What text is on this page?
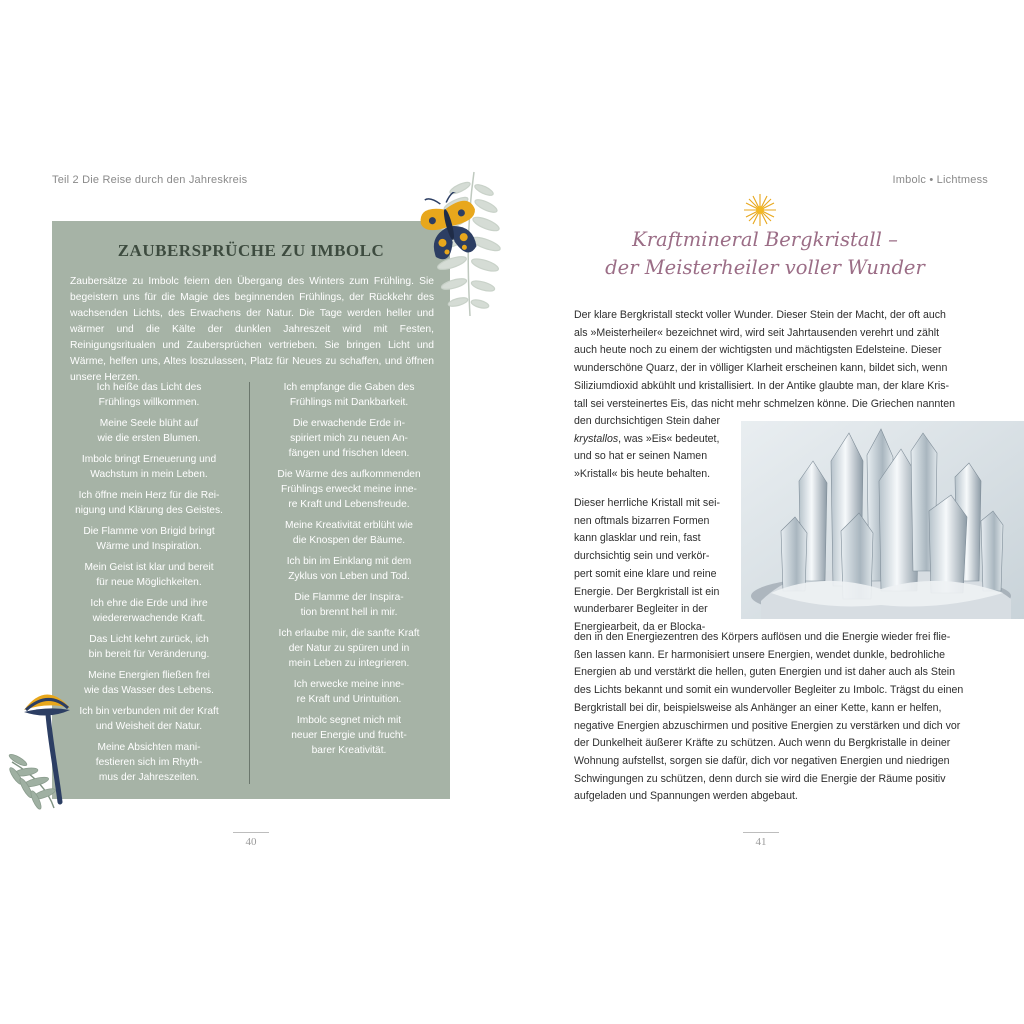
Teil 2 Die Reise durch den Jahreskreis
ZAUBERSPRÜCHE ZU IMBOLC
Zaubersätze zu Imbolc feiern den Übergang des Winters zum Frühling. Sie begeistern uns für die Magie des beginnenden Frühlings, der Rückkehr des wachsenden Lichts, des Erwachens der Natur. Die Tage werden heller und wärmer und die Kälte der dunklen Jahreszeit wird mit Festen, Reinigungsritualen und Zaubersprüchen vertrieben. Sie bringen Licht und Wärme, helfen uns, Altes loszulassen, Platz für Neues zu schaffen, und öffnen unsere Herzen.

Ich heiße das Licht des
Frühlings willkommen.

Meine Seele blüht auf
wie die ersten Blumen.

Imbolc bringt Erneuerung und
Wachstum in mein Leben.

Ich öffne mein Herz für die Rei-
nigung und Klärung des Geistes.

Die Flamme von Brigid bringt
Wärme und Inspiration.

Mein Geist ist klar und bereit
für neue Möglichkeiten.

Ich ehre die Erde und ihre
wiedererwachende Kraft.

Das Licht kehrt zurück, ich
bin bereit für Veränderung.

Meine Energien fließen frei
wie das Wasser des Lebens.

Ich bin verbunden mit der Kraft
und Weisheit der Natur.

Meine Absichten mani-
festieren sich im Rhyth-
mus der Jahreszeiten.

Ich empfange die Gaben des
Frühlings mit Dankbarkeit.

Die erwachende Erde in-
spiriert mich zu neuen An-
fängen und frischen Ideen.

Die Wärme des aufkommenden
Frühlings erweckt meine inne-
re Kraft und Lebensfreude.

Meine Kreativität erblüht wie
die Knospen der Bäume.

Ich bin im Einklang mit dem
Zyklus von Leben und Tod.

Die Flamme der Inspira-
tion brennt hell in mir.

Ich erlaube mir, die sanfte Kraft
der Natur zu spüren und in
mein Leben zu integrieren.

Ich erwecke meine inne-
re Kraft und Urintuition.

Imbolc segnet mich mit
neuer Energie und frucht-
barer Kreativität.

40
Imbolc • Lichtmess
Kraftmineral Bergkristall –
der Meisterheiler voller Wunder
Der klare Bergkristall steckt voller Wunder. Dieser Stein der Macht, der oft auch
als »Meisterheiler« bezeichnet wird, wird seit Jahrtausenden verehrt und zählt
auch heute noch zu einem der wichtigsten und mächtigsten Edelsteine. Dieser
wunderschöne Quarz, der in völliger Klarheit erscheinen kann, bildet sich, wenn
Siliziumdioxid abkühlt und kristallisiert. In der Antike glaubte man, der klare Kris-
tall sei versteinertes Eis, das nicht mehr schmelzen könne. Die Griechen nannten
den durchsichtigen Stein daher
krystallos, was »Eis« bedeutet,
und so hat er seinen Namen
»Kristall« bis heute behalten.
Dieser herrliche Kristall mit sei-
nen oftmals bizarren Formen
kann glasklar und rein, fast
durchsichtig sein und verkör-
pert somit eine klare und reine
Energie. Der Bergkristall ist ein
wunderbarer Begleiter in der
Energiearbeit, da er Blocka-
den in den Energiezentren des Körpers auflösen und die Energie wieder frei flie-
ßen lassen kann. Er harmonisiert unsere Energien, wendet dunkle, bedrohliche
Energien ab und verstärkt die hellen, guten Energien und ist daher auch als Stein
des Lichts bekannt und somit ein wundervoller Begleiter zu Imbolc. Trägst du einen
Bergkristall bei dir, beispielsweise als Anhänger an einer Kette, kann er helfen,
negative Energien abzuschirmen und positive Energien zu verstärken und dich vor
der Dunkelheit äußerer Kräfte zu schützen. Auch wenn du Bergkristalle in deiner
Wohnung aufstellst, sorgen sie dafür, dich vor negativen Energien und niedrigen
Schwingungen zu schützen, denn durch sie wird die Energie der Räume positiv
aufgeladen und Spannungen werden abgebaut.
41
